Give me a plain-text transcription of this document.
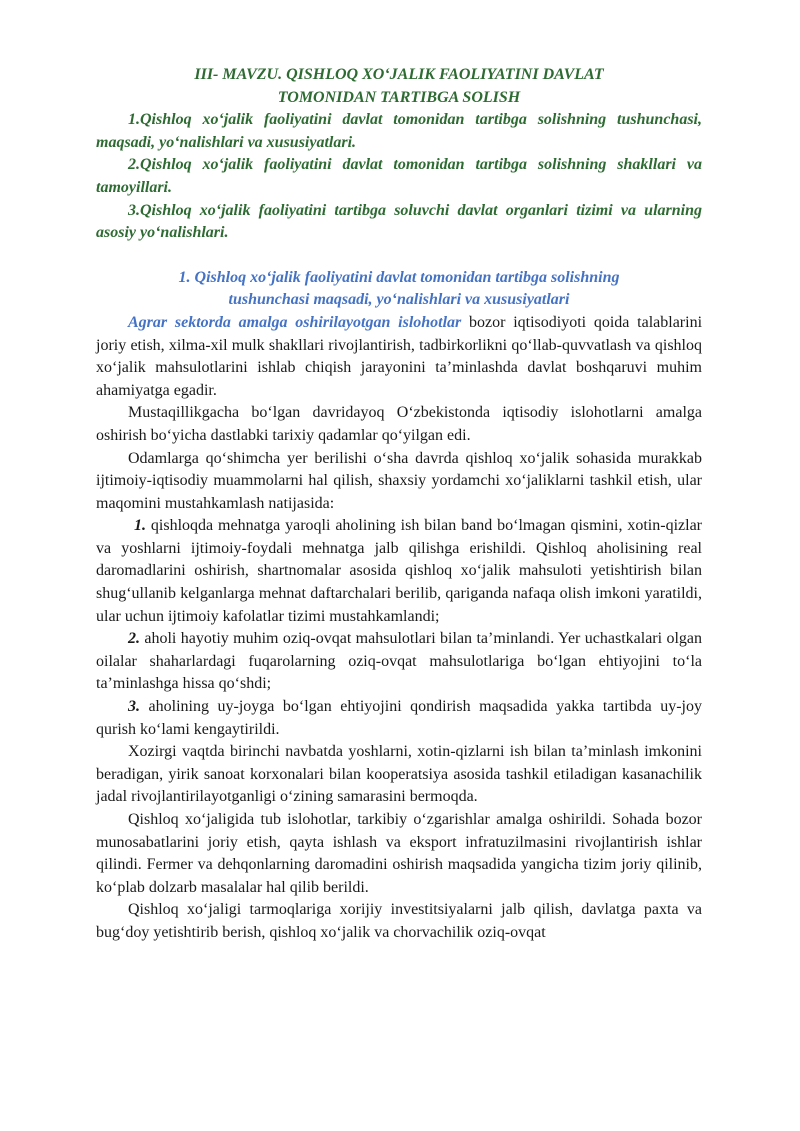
III- MAVZU. QISHLOQ XO‘JALIK FAOLIYATINI DAVLAT
TOMONIDAN TARTIBGA SOLISH

1.Qishloq xo‘jalik faoliyatini davlat tomonidan tartibga solishning tushunchasi, maqsadi, yo‘nalishlari va xususiyatlari.

2.Qishloq xo‘jalik faoliyatini davlat tomonidan tartibga solishning shakllari va tamoyillari.

3.Qishloq xo‘jalik faoliyatini tartibga soluvchi davlat organlari tizimi va ularning asosiy yo‘nalishlari.

1. Qishloq xo‘jalik faoliyatini davlat tomonidan tartibga solishning
tushunchasi maqsadi, yo‘nalishlari va xususiyatlari

Agrar sektorda amalga oshirilayotgan islohotlar bozor iqtisodiyoti qoida talablarini joriy etish, xilma-xil mulk shakllari rivojlantirish, tadbirkorlikni qo‘llab-quvvatlash va qishloq xo‘jalik mahsulotlarini ishlab chiqish jarayonini ta’minlashda davlat boshqaruvi muhim ahamiyatga egadir.

Mustaqillikgacha bo‘lgan davridayoq O‘zbekistonda iqtisodiy islohotlarni amalga oshirish bo‘yicha dastlabki tarixiy qadamlar qo‘yilgan edi.

Odamlarga qo‘shimcha yer berilishi o‘sha davrda qishloq xo‘jalik sohasida murakkab ijtimoiy-iqtisodiy muammolarni hal qilish, shaxsiy yordamchi xo‘jaliklarni tashkil etish, ular maqomini mustahkamlash natijasida:

1. qishloqda mehnatga yaroqli aholining ish bilan band bo‘lmagan qismini, xotin-qizlar va yoshlarni ijtimoiy-foydali mehnatga jalb qilishga erishildi. Qishloq aholisining real daromadlarini oshirish, shartnomalar asosida qishloq xo‘jalik mahsuloti yetishtirish bilan shug‘ullanib kelganlarga mehnat daftarchalari berilib, qariganda nafaqa olish imkoni yaratildi, ular uchun ijtimoiy kafolatlar tizimi mustahkamlandi;

2. aholi hayotiy muhim oziq-ovqat mahsulotlari bilan ta’minlandi. Yer uchastkalari olgan oilalar shaharlardagi fuqarolarning oziq-ovqat mahsulotlariga bo‘lgan ehtiyojini to‘la ta’minlashga hissa qo‘shdi;

3. aholining uy-joyga bo‘lgan ehtiyojini qondirish maqsadida yakka tartibda uy-joy qurish ko‘lami kengaytirildi.

Xozirgi vaqtda birinchi navbatda yoshlarni, xotin-qizlarni ish bilan ta’minlash imkonini beradigan, yirik sanoat korxonalari bilan kooperatsiya asosida tashkil etiladigan kasanachilik jadal rivojlantirilayotganligi o‘zining samarasini bermoqda.

Qishloq xo‘jaligida tub islohotlar, tarkibiy o‘zgarishlar amalga oshirildi. Sohada bozor munosabatlarini joriy etish, qayta ishlash va eksport infratuzilmasini rivojlantirish ishlar qilindi. Fermer va dehqonlarning daromadini oshirish maqsadida yangicha tizim joriy qilinib, ko‘plab dolzarb masalalar hal qilib berildi.

Qishloq xo‘jaligi tarmoqlariga xorijiy investitsiyalarni jalb qilish, davlatga paxta va bug‘doy yetishtirib berish, qishloq xo‘jalik va chorvachilik oziq-ovqat
